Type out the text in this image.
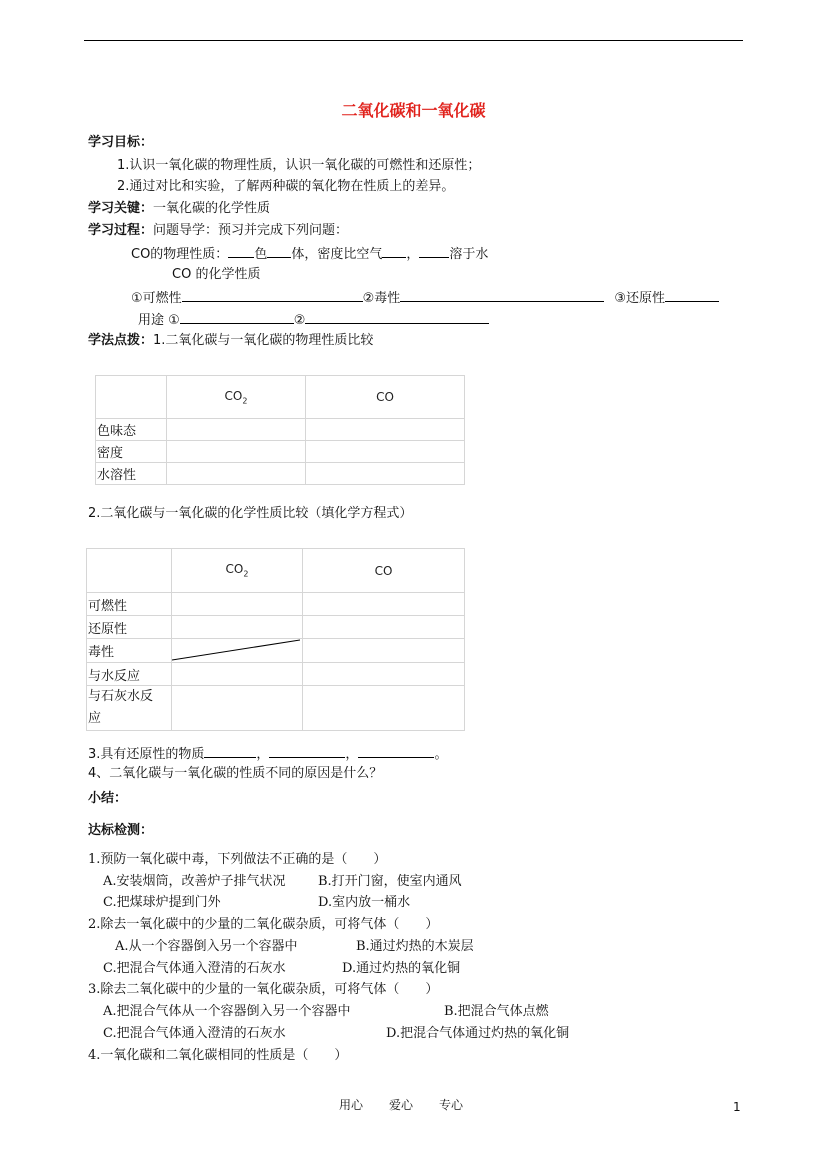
二氧化碳和一氧化碳
学习目标：
1.认识一氧化碳的物理性质，认识一氧化碳的可燃性和还原性；
2.通过对比和实验，了解两种碳的氧化物在性质上的差异。
学习关键：一氧化碳的化学性质
学习过程：问题导学：预习并完成下列问题：
CO的物理性质： 色 体，密度比空气 ， 溶于水
CO 的化学性质
①可燃性	②毒性	③还原性
用途 ①	②
学法点拨：1.二氧化碳与一氧化碳的物理性质比较
	$CO_2$	CO
色味态		
密度		
水溶性		
2.二氧化碳与一氧化碳的化学性质比较（填化学方程式）
	$CO_2$	CO
可燃性		
还原性		
毒性	

与水反应		
与石灰水反
应		
3.具有还原性的物质	，	，	。
4、二氧化碳与一氧化碳的性质不同的原因是什么？
小结：
达标检测：
1.预防一氧化碳中毒，下列做法不正确的是（　　）
A.安装烟筒，改善炉子排气状况 B.打开门窗，使室内通风
C.把煤球炉提到门外	D.室内放一桶水
2.除去一氧化碳中的少量的二氧化碳杂质，可将气体（　　）
A.从一个容器倒入另一个容器中	B.通过灼热的木炭层
C.把混合气体通入澄清的石灰水	D.通过灼热的氧化铜
3.除去二氧化碳中的少量的一氧化碳杂质，可将气体（　　）
A.把混合气体从一个容器倒入另一个容器中	B.把混合气体点燃
C.把混合气体通入澄清的石灰水	D.把混合气体通过灼热的氧化铜
4.一氧化碳和二氧化碳相同的性质是（　　）
用心 爱心 专心	1
